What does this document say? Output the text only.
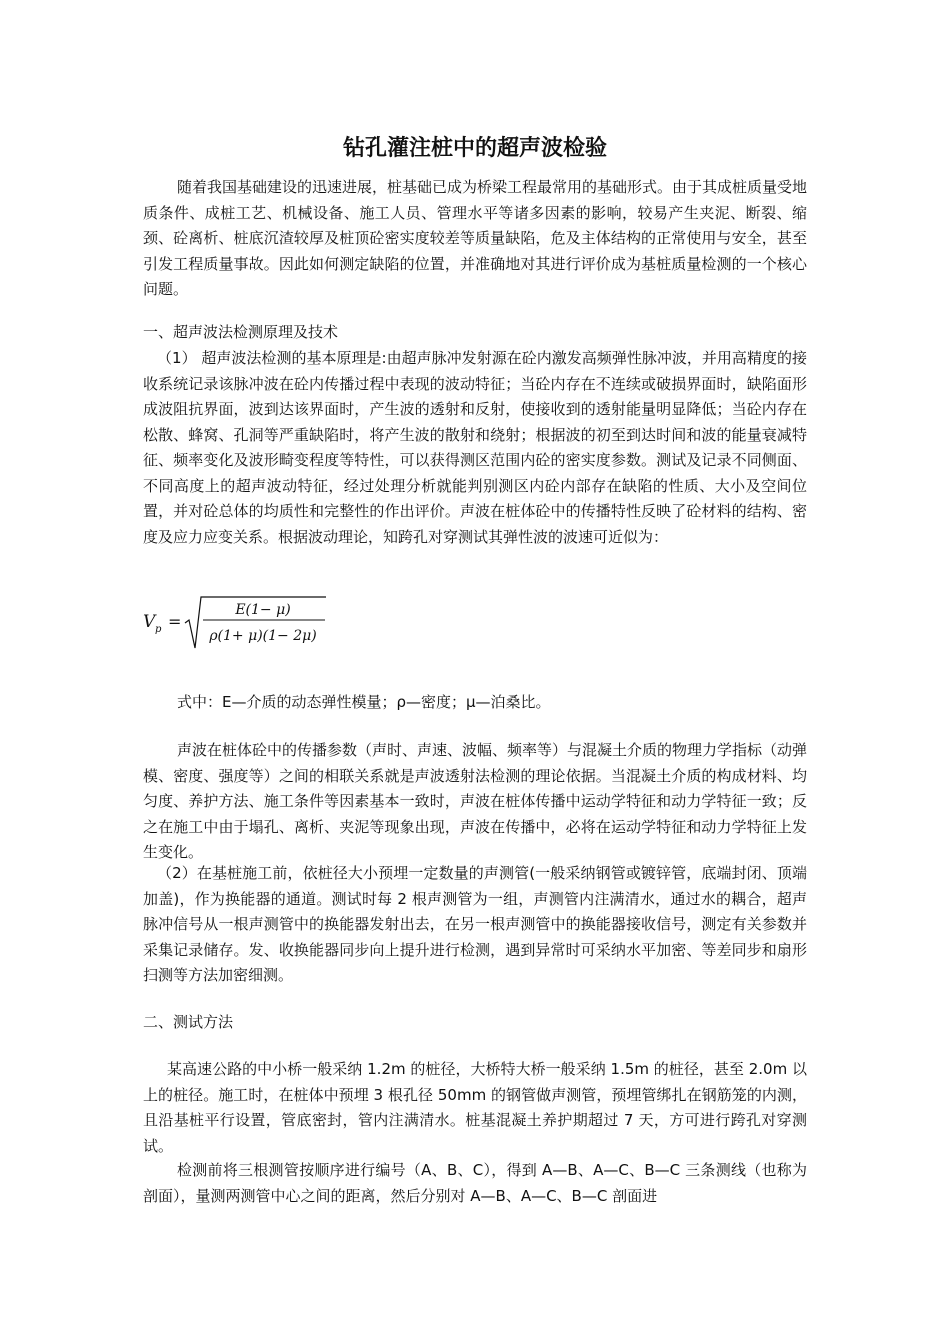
钻孔灌注桩中的超声波检验
随着我国基础建设的迅速进展，桩基础已成为桥梁工程最常用的基础形式。由于其成桩质量受地质条件、成桩工艺、机械设备、施工人员、管理水平等诸多因素的影响，较易产生夹泥、断裂、缩颈、砼离析、桩底沉渣较厚及桩顶砼密实度较差等质量缺陷，危及主体结构的正常使用与安全，甚至引发工程质量事故。因此如何测定缺陷的位置，并准确地对其进行评价成为基桩质量检测的一个核心问题。
一、超声波法检测原理及技术
（1） 超声波法检测的基本原理是:由超声脉冲发射源在砼内激发高频弹性脉冲波，并用高精度的接收系统记录该脉冲波在砼内传播过程中表现的波动特征；当砼内存在不连续或破损界面时，缺陷面形成波阻抗界面，波到达该界面时，产生波的透射和反射，使接收到的透射能量明显降低；当砼内存在松散、蜂窝、孔洞等严重缺陷时，将产生波的散射和绕射；根据波的初至到达时间和波的能量衰减特征、频率变化及波形畸变程度等特性，可以获得测区范围内砼的密实度参数。测试及记录不同侧面、不同高度上的超声波动特征，经过处理分析就能判别测区内砼内部存在缺陷的性质、大小及空间位置，并对砼总体的均质性和完整性的作出评价。声波在桩体砼中的传播特性反映了砼材料的结构、密度及应力应变关系。根据波动理论，知跨孔对穿测试其弹性波的波速可近似为：
V p =
E(1− μ)
ρ(1+ μ)(1− 2μ)
式中：E—介质的动态弹性模量；ρ—密度；μ—泊桑比。
声波在桩体砼中的传播参数（声时、声速、波幅、频率等）与混凝土介质的物理力学指标（动弹模、密度、强度等）之间的相联关系就是声波透射法检测的理论依据。当混凝土介质的构成材料、均匀度、养护方法、施工条件等因素基本一致时，声波在桩体传播中运动学特征和动力学特征一致；反之在施工中由于塌孔、离析、夹泥等现象出现，声波在传播中，必将在运动学特征和动力学特征上发生变化。
（2）在基桩施工前，依桩径大小预埋一定数量的声测管(一般采纳钢管或镀锌管，底端封闭、顶端加盖)，作为换能器的通道。测试时每 2 根声测管为一组，声测管内注满清水，通过水的耦合，超声脉冲信号从一根声测管中的换能器发射出去，在另一根声测管中的换能器接收信号，测定有关参数并采集记录储存。发、收换能器同步向上提升进行检测，遇到异常时可采纳水平加密、等差同步和扇形扫测等方法加密细测。
二、测试方法
某高速公路的中小桥一般采纳 1.2m 的桩径，大桥特大桥一般采纳 1.5m 的桩径，甚至 2.0m 以上的桩径。施工时，在桩体中预埋 3 根孔径 50mm 的钢管做声测管，预埋管绑扎在钢筋笼的内测，且沿基桩平行设置，管底密封，管内注满清水。桩基混凝土养护期超过 7 天，方可进行跨孔对穿测试。
检测前将三根测管按顺序进行编号（A、B、C），得到 A—B、A—C、B—C 三条测线（也称为剖面），量测两测管中心之间的距离，然后分别对 A—B、A—C、B—C 剖面进
